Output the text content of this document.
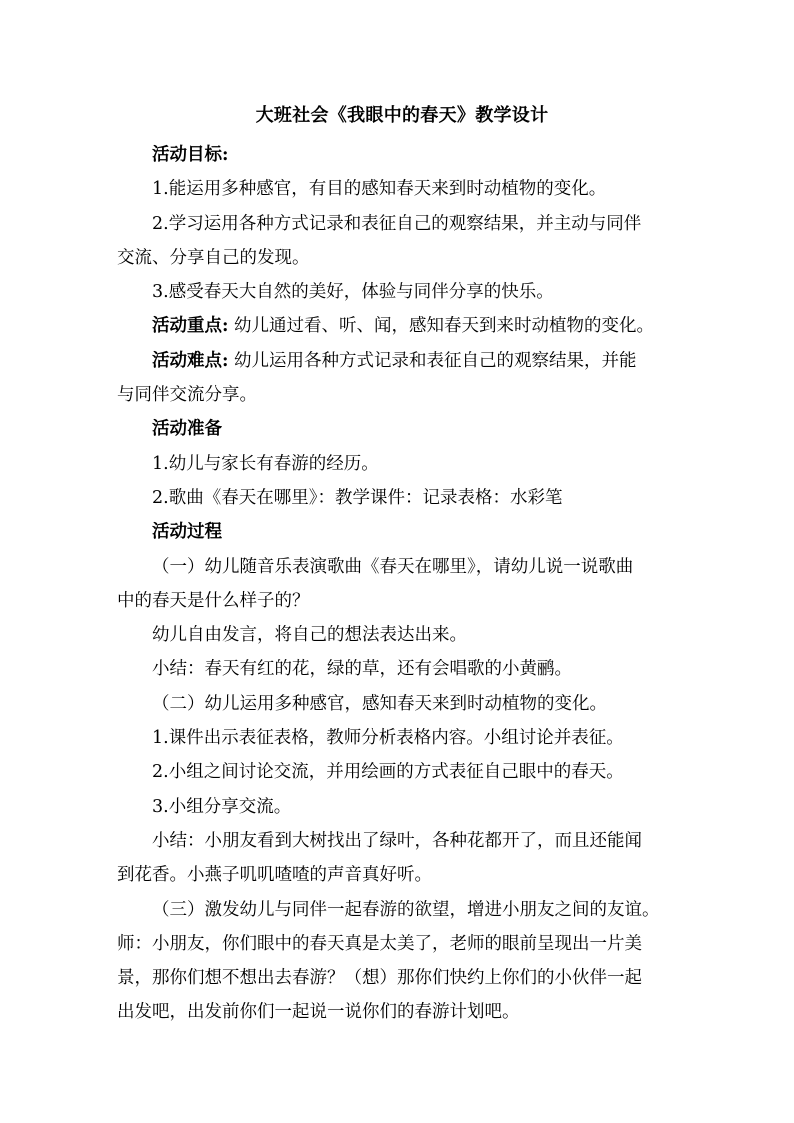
大班社会《我眼中的春天》教学设计

活动目标:

1.能运用多种感官，有目的感知春天来到时动植物的变化。

2.学习运用各种方式记录和表征自己的观察结果，并主动与同伴

交流、分享自己的发现。

3.感受春天大自然的美好，体验与同伴分享的快乐。

活动重点: 幼儿通过看、听、闻，感知春天到来时动植物的变化。

活动难点: 幼儿运用各种方式记录和表征自己的观察结果，并能

与同伴交流分享。

活动准备

1.幼儿与家长有春游的经历。

2.歌曲《春天在哪里》：教学课件：记录表格：水彩笔

活动过程

（一）幼儿随音乐表演歌曲《春天在哪里》，请幼儿说一说歌曲

中的春天是什么样子的？

幼儿自由发言，将自己的想法表达出来。

小结：春天有红的花，绿的草，还有会唱歌的小黄鹂。

（二）幼儿运用多种感官，感知春天来到时动植物的变化。

1.课件出示表征表格，教师分析表格内容。小组讨论并表征。

2.小组之间讨论交流，并用绘画的方式表征自己眼中的春天。

3.小组分享交流。

小结：小朋友看到大树找出了绿叶，各种花都开了，而且还能闻

到花香。小燕子叽叽喳喳的声音真好听。

（三）激发幼儿与同伴一起春游的欲望，增进小朋友之间的友谊。

师：小朋友，你们眼中的春天真是太美了，老师的眼前呈现出一片美

景，那你们想不想出去春游？（想）那你们快约上你们的小伙伴一起

出发吧，出发前你们一起说一说你们的春游计划吧。
